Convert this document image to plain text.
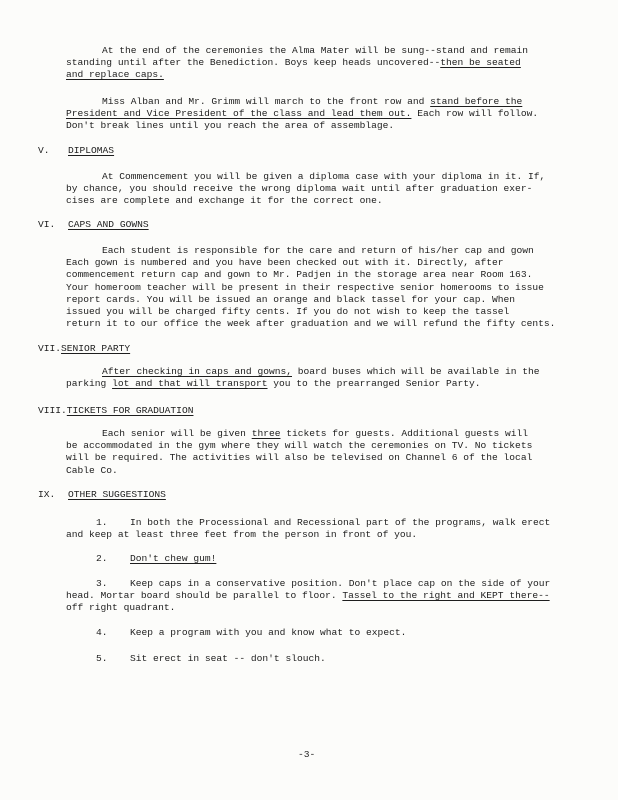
At the end of the ceremonies the Alma Mater will be sung--stand and remain
standing until after the Benediction. Boys keep heads uncovered--then be seated
and replace caps.

Miss Alban and Mr. Grimm will march to the front row and stand before the
President and Vice President of the class and lead them out. Each row will follow.
Don't break lines until you reach the area of assemblage.

V. DIPLOMAS

At Commencement you will be given a diploma case with your diploma in it. If,
by chance, you should receive the wrong diploma wait until after graduation exer-
cises are complete and exchange it for the correct one.

VI. CAPS AND GOWNS

Each student is responsible for the care and return of his/her cap and gown
Each gown is numbered and you have been checked out with it. Directly, after
commencement return cap and gown to Mr. Padjen in the storage area near Room 163.
Your homeroom teacher will be present in their respective senior homerooms to issue
report cards. You will be issued an orange and black tassel for your cap. When
issued you will be charged fifty cents. If you do not wish to keep the tassel
return it to our office the week after graduation and we will refund the fifty cents.

VII.SENIOR PARTY

After checking in caps and gowns, board buses which will be available in the
parking lot and that will transport you to the prearranged Senior Party.

VIII.TICKETS FOR GRADUATION

Each senior will be given three tickets for guests. Additional guests will
be accommodated in the gym where they will watch the ceremonies on TV. No tickets
will be required. The activities will also be televised on Channel 6 of the local
Cable Co.

IX. OTHER SUGGESTIONS

1. In both the Processional and Recessional part of the programs, walk erect
and keep at least three feet from the person in front of you.

2. Don't chew gum!

3. Keep caps in a conservative position. Don't place cap on the side of your
head. Mortar board should be parallel to floor. Tassel to the right and KEPT there--
off right quadrant.

4. Keep a program with you and know what to expect.

5. Sit erect in seat -- don't slouch.

-3-
